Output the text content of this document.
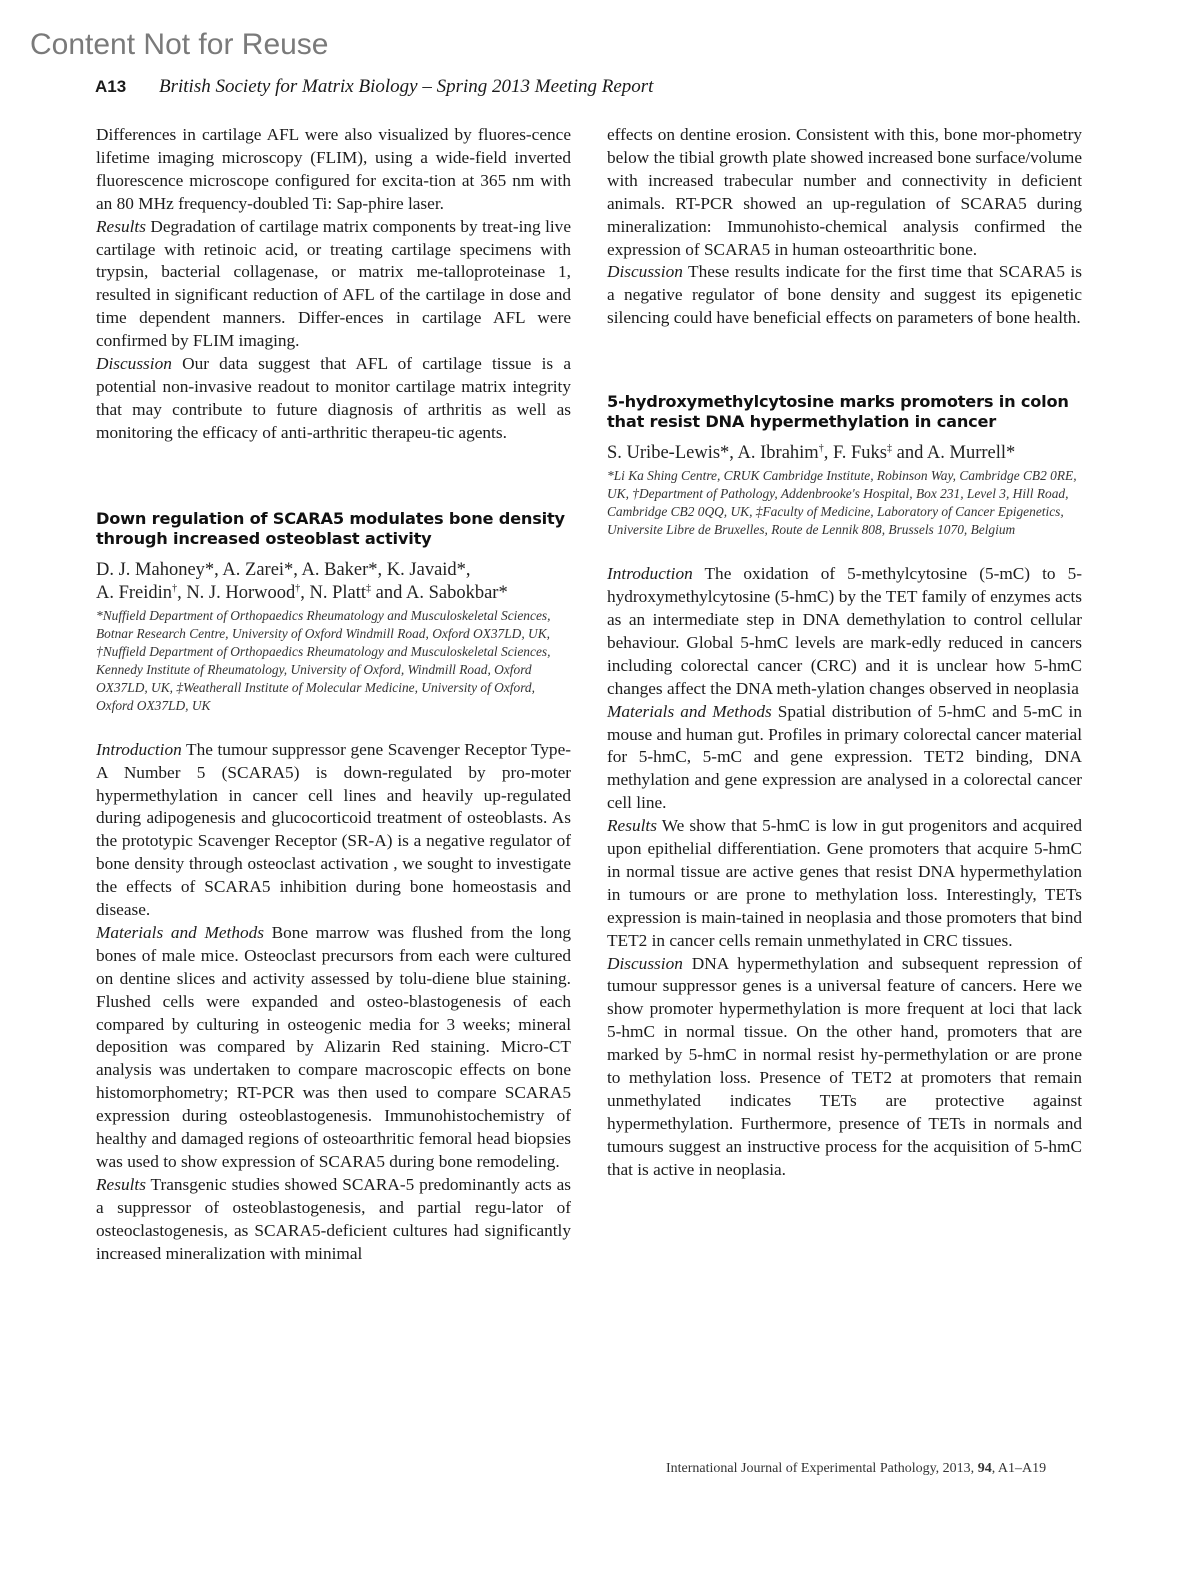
Content Not for Reuse
A13	British Society for Matrix Biology – Spring 2013 Meeting Report

Differences in cartilage AFL were also visualized by fluores-cence lifetime imaging microscopy (FLIM), using a wide-field inverted fluorescence microscope configured for excita-tion at 365 nm with an 80 MHz frequency-doubled Ti: Sap-phire laser.

Results Degradation of cartilage matrix components by treat-ing live cartilage with retinoic acid, or treating cartilage specimens with trypsin, bacterial collagenase, or matrix me-talloproteinase 1, resulted in significant reduction of AFL of the cartilage in dose and time dependent manners. Differ-ences in cartilage AFL were confirmed by FLIM imaging.

Discussion Our data suggest that AFL of cartilage tissue is a potential non-invasive readout to monitor cartilage matrix integrity that may contribute to future diagnosis of arthritis as well as monitoring the efficacy of anti-arthritic therapeu-tic agents.

Down regulation of SCARA5 modulates bone density through increased osteoblast activity
D. J. Mahoney*, A. Zarei*, A. Baker*, K. Javaid*,
A. Freidin†, N. J. Horwood†, N. Platt‡ and A. Sabokbar*

*Nuffield Department of Orthopaedics Rheumatology and Musculoskeletal Sciences, Botnar Research Centre, University of Oxford Windmill Road, Oxford OX37LD, UK, †Nuffield Department of Orthopaedics Rheumatology and Musculoskeletal Sciences, Kennedy Institute of Rheumatology, University of Oxford, Windmill Road, Oxford OX37LD, UK, ‡Weatherall Institute of Molecular Medicine, University of Oxford, Oxford OX37LD, UK

Introduction The tumour suppressor gene Scavenger Receptor Type-A Number 5 (SCARA5) is down-regulated by pro-moter hypermethylation in cancer cell lines and heavily up-regulated during adipogenesis and glucocorticoid treatment of osteoblasts. As the prototypic Scavenger Receptor (SR-A) is a negative regulator of bone density through osteoclast activation , we sought to investigate the effects of SCARA5 inhibition during bone homeostasis and disease.

Materials and Methods Bone marrow was flushed from the long bones of male mice. Osteoclast precursors from each were cultured on dentine slices and activity assessed by tolu-diene blue staining. Flushed cells were expanded and osteo-blastogenesis of each compared by culturing in osteogenic media for 3 weeks; mineral deposition was compared by Alizarin Red staining. Micro-CT analysis was undertaken to compare macroscopic effects on bone histomorphometry; RT-PCR was then used to compare SCARA5 expression during osteoblastogenesis. Immunohistochemistry of healthy and damaged regions of osteoarthritic femoral head biopsies was used to show expression of SCARA5 during bone remodeling.

Results Transgenic studies showed SCARA-5 predominantly acts as a suppressor of osteoblastogenesis, and partial regu-lator of osteoclastogenesis, as SCARA5-deficient cultures had significantly increased mineralization with minimal

effects on dentine erosion. Consistent with this, bone mor-phometry below the tibial growth plate showed increased bone surface/volume with increased trabecular number and connectivity in deficient animals. RT-PCR showed an up-regulation of SCARA5 during mineralization: Immunohisto-chemical analysis confirmed the expression of SCARA5 in human osteoarthritic bone.

Discussion These results indicate for the first time that SCARA5 is a negative regulator of bone density and suggest its epigenetic silencing could have beneficial effects on parameters of bone health.

5-hydroxymethylcytosine marks promoters in colon that resist DNA hypermethylation in cancer
S. Uribe-Lewis*, A. Ibrahim†, F. Fuks‡ and A. Murrell*

*Li Ka Shing Centre, CRUK Cambridge Institute, Robinson Way, Cambridge CB2 0RE, UK, †Department of Pathology, Addenbrooke's Hospital, Box 231, Level 3, Hill Road, Cambridge CB2 0QQ, UK, ‡Faculty of Medicine, Laboratory of Cancer Epigenetics, Universite Libre de Bruxelles, Route de Lennik 808, Brussels 1070, Belgium

Introduction The oxidation of 5-methylcytosine (5-mC) to 5-hydroxymethylcytosine (5-hmC) by the TET family of enzymes acts as an intermediate step in DNA demethylation to control cellular behaviour. Global 5-hmC levels are mark-edly reduced in cancers including colorectal cancer (CRC) and it is unclear how 5-hmC changes affect the DNA meth-ylation changes observed in neoplasia

Materials and Methods Spatial distribution of 5-hmC and 5-mC in mouse and human gut. Profiles in primary colorectal cancer material for 5-hmC, 5-mC and gene expression. TET2 binding, DNA methylation and gene expression are analysed in a colorectal cancer cell line.

Results We show that 5-hmC is low in gut progenitors and acquired upon epithelial differentiation. Gene promoters that acquire 5-hmC in normal tissue are active genes that resist DNA hypermethylation in tumours or are prone to methylation loss. Interestingly, TETs expression is main-tained in neoplasia and those promoters that bind TET2 in cancer cells remain unmethylated in CRC tissues.

Discussion DNA hypermethylation and subsequent repression of tumour suppressor genes is a universal feature of cancers. Here we show promoter hypermethylation is more frequent at loci that lack 5-hmC in normal tissue. On the other hand, promoters that are marked by 5-hmC in normal resist hy-permethylation or are prone to methylation loss. Presence of TET2 at promoters that remain unmethylated indicates TETs are protective against hypermethylation. Furthermore, presence of TETs in normals and tumours suggest an instructive process for the acquisition of 5-hmC that is active in neoplasia.

International Journal of Experimental Pathology, 2013, 94, A1–A19
